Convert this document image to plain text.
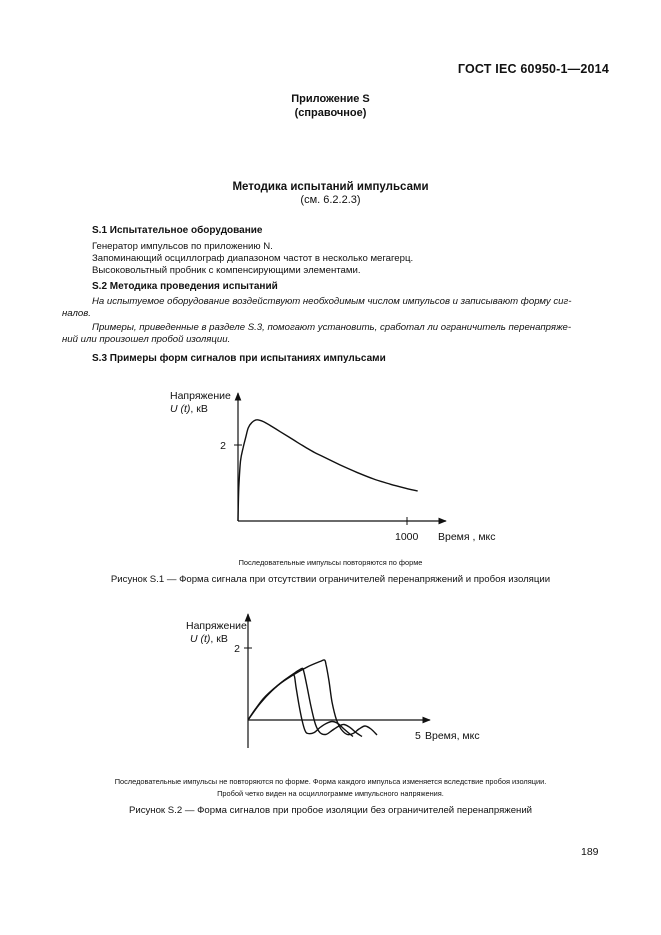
ГОСТ IEC 60950-1—2014
Приложение S
(справочное)
Методика испытаний импульсами
(см. 6.2.2.3)
S.1 Испытательное оборудование
Генератор импульсов по приложению N.
Запоминающий осциллограф диапазоном частот в несколько мегагерц.
Высоковольтный пробник с компенсирующими элементами.
S.2 Методика проведения испытаний
На испытуемое оборудование воздействуют необходимым числом импульсов и записывают форму сиг-
налов.
Примеры, приведенные в разделе S.3, помогают установить, сработал ли ограничитель перенапряже-
ний или произошел пробой изоляции.
S.3 Примеры форм сигналов при испытаниях импульсами
Напряжение
U (t), кВ
2
1000 Время , мкс
Последовательные импульсы повторяются по форме
Рисунок S.1 — Форма сигнала при отсутствии ограничителей перенапряжений и пробоя изоляции
Напряжение
U (t), кВ
2
5 Время, мкс
Последовательные импульсы не повторяются по форме. Форма каждого импульса изменяется вследствие пробоя изоляции.
Пробой четко виден на осциллограмме импульсного напряжения.
Рисунок S.2 — Форма сигналов при пробое изоляции без ограничителей перенапряжений
189
